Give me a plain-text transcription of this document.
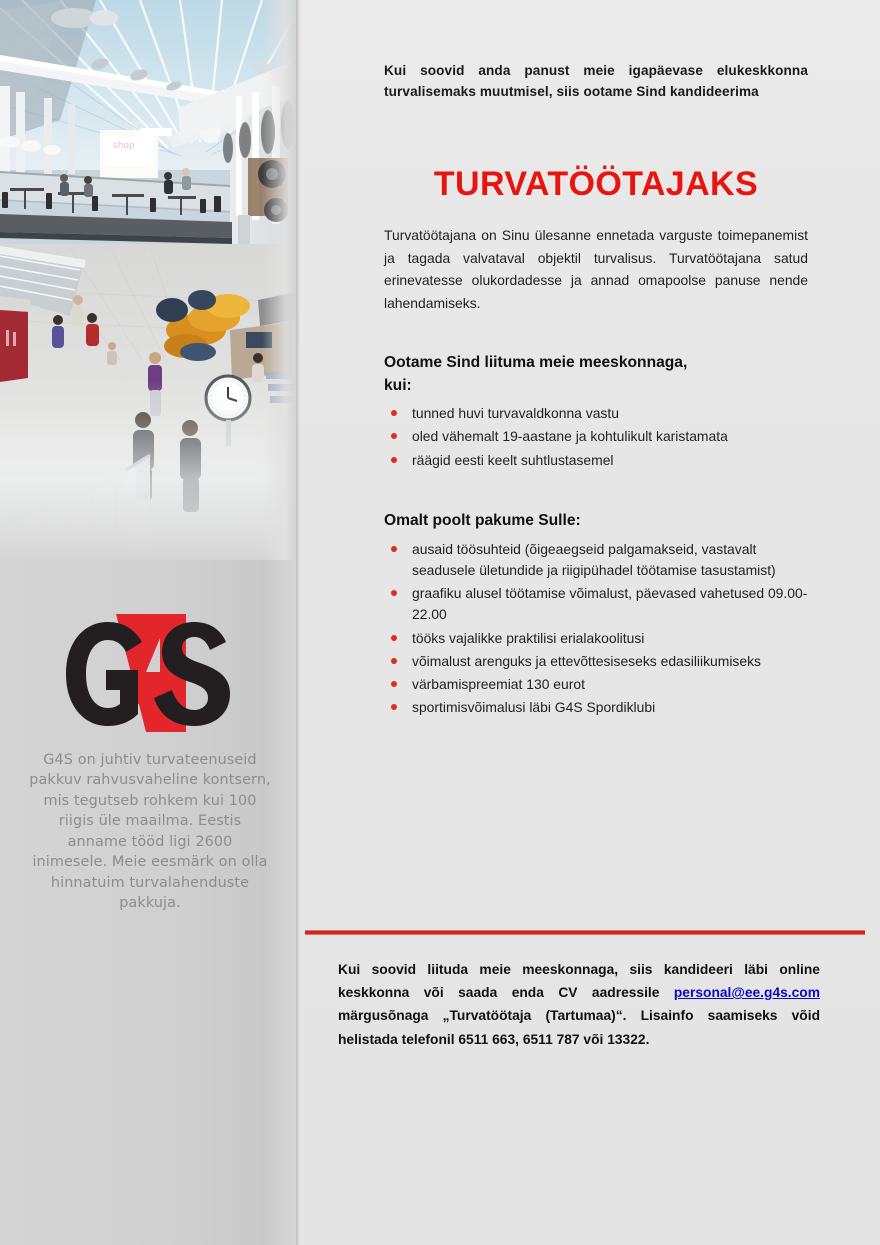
shop
G4S on juhtiv turvateenuseid pakkuv rahvusvaheline kontsern, mis tegutseb rohkem kui 100 riigis üle maailma. Eestis anname tööd ligi 2600 inimesele. Meie eesmärk on olla hinnatuim turvalahenduste pakkuja.
Kui soovid anda panust meie igapäevase elukeskkonna turvalisemaks muutmisel, siis ootame Sind kandideerima
TURVATÖÖTAJAKS
Turvatöötajana on Sinu ülesanne ennetada varguste toimepanemist ja tagada valvataval objektil turvalisus. Turvatöötajana satud erinevatesse olukordadesse ja annad omapoolse panuse nende lahendamiseks.
Ootame Sind liituma meie meeskonnaga, kui:
tunned huvi turvavaldkonna vastu
oled vähemalt 19-aastane ja kohtulikult karistamata
räägid eesti keelt suhtlustasemel
Omalt poolt pakume Sulle:
ausaid töösuhteid (õigeaegseid palgamakseid, vastavalt seadusele ületundide ja riigipühadel töötamise tasustamist)
graafiku alusel töötamise võimalust, päevased vahetused 09.00-22.00
tööks vajalikke praktilisi erialakoolitusi
võimalust arenguks ja ettevõttesiseseks edasiliikumiseks
värbamispreemiat 130 eurot
sportimisvõimalusi läbi G4S Spordiklubi
Kui soovid liituda meie meeskonnaga, siis kandideeri läbi online keskkonna või saada enda CV aadressile personal@ee.g4s.com märgusõnaga „Turvatöötaja (Tartumaa)“. Lisainfo saamiseks võid helistada telefonil 6511 663, 6511 787 või 13322.
